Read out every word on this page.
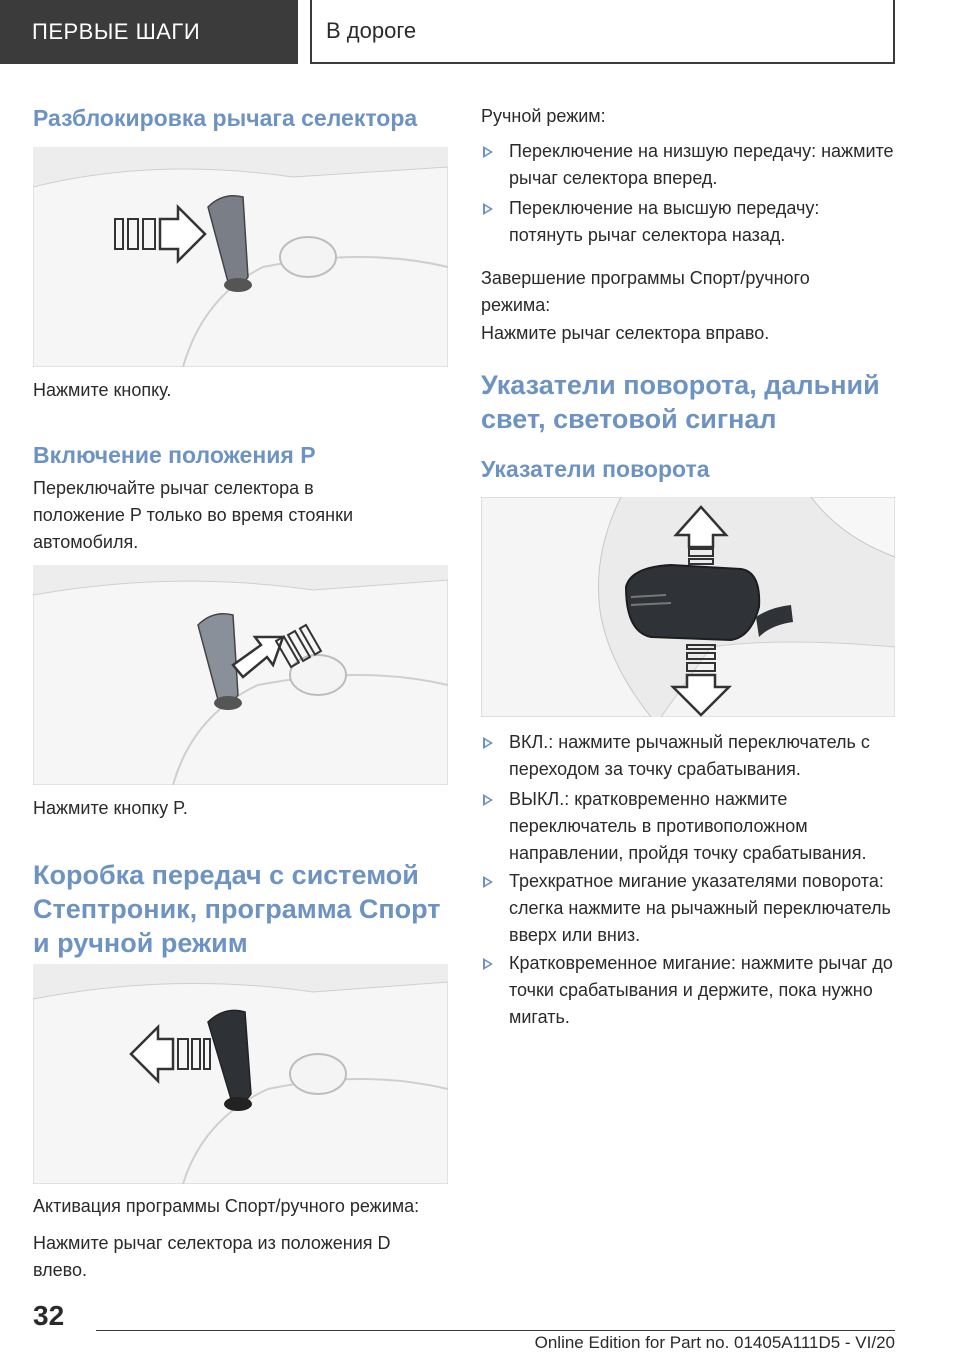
ПЕРВЫЕ ШАГИ	В дороге
Разблокировка рычага селектора

Нажмите кнопку.

Включение положения P

Переключайте рычаг селектора в положение P только во время стоянки автомобиля.

Нажмите кнопку P.

Коробка передач с системой Стептроник, программа Спорт и ручной режим

Активация программы Спорт/ручного режима:

Нажмите рычаг селектора из положения D влево.

Ручной режим:

Переключение на низшую передачу: нажмите рычаг селектора вперед.
Переключение на высшую передачу: потянуть рычаг селектора назад.

Завершение программы Спорт/ручного режима:

Нажмите рычаг селектора вправо.

Указатели поворота, дальний свет, световой сигнал
Указатели поворота
ВКЛ.: нажмите рычажный переключатель с переходом за точку срабатывания.
ВЫКЛ.: кратковременно нажмите переключатель в противоположном направлении, пройдя точку срабатывания.
Трехкратное мигание указателями поворота: слегка нажмите на рычажный переключатель вверх или вниз.
Кратковременное мигание: нажмите рычаг до точки срабатывания и держите, пока нужно мигать.
32
Online Edition for Part no. 01405A111D5 - VI/20
